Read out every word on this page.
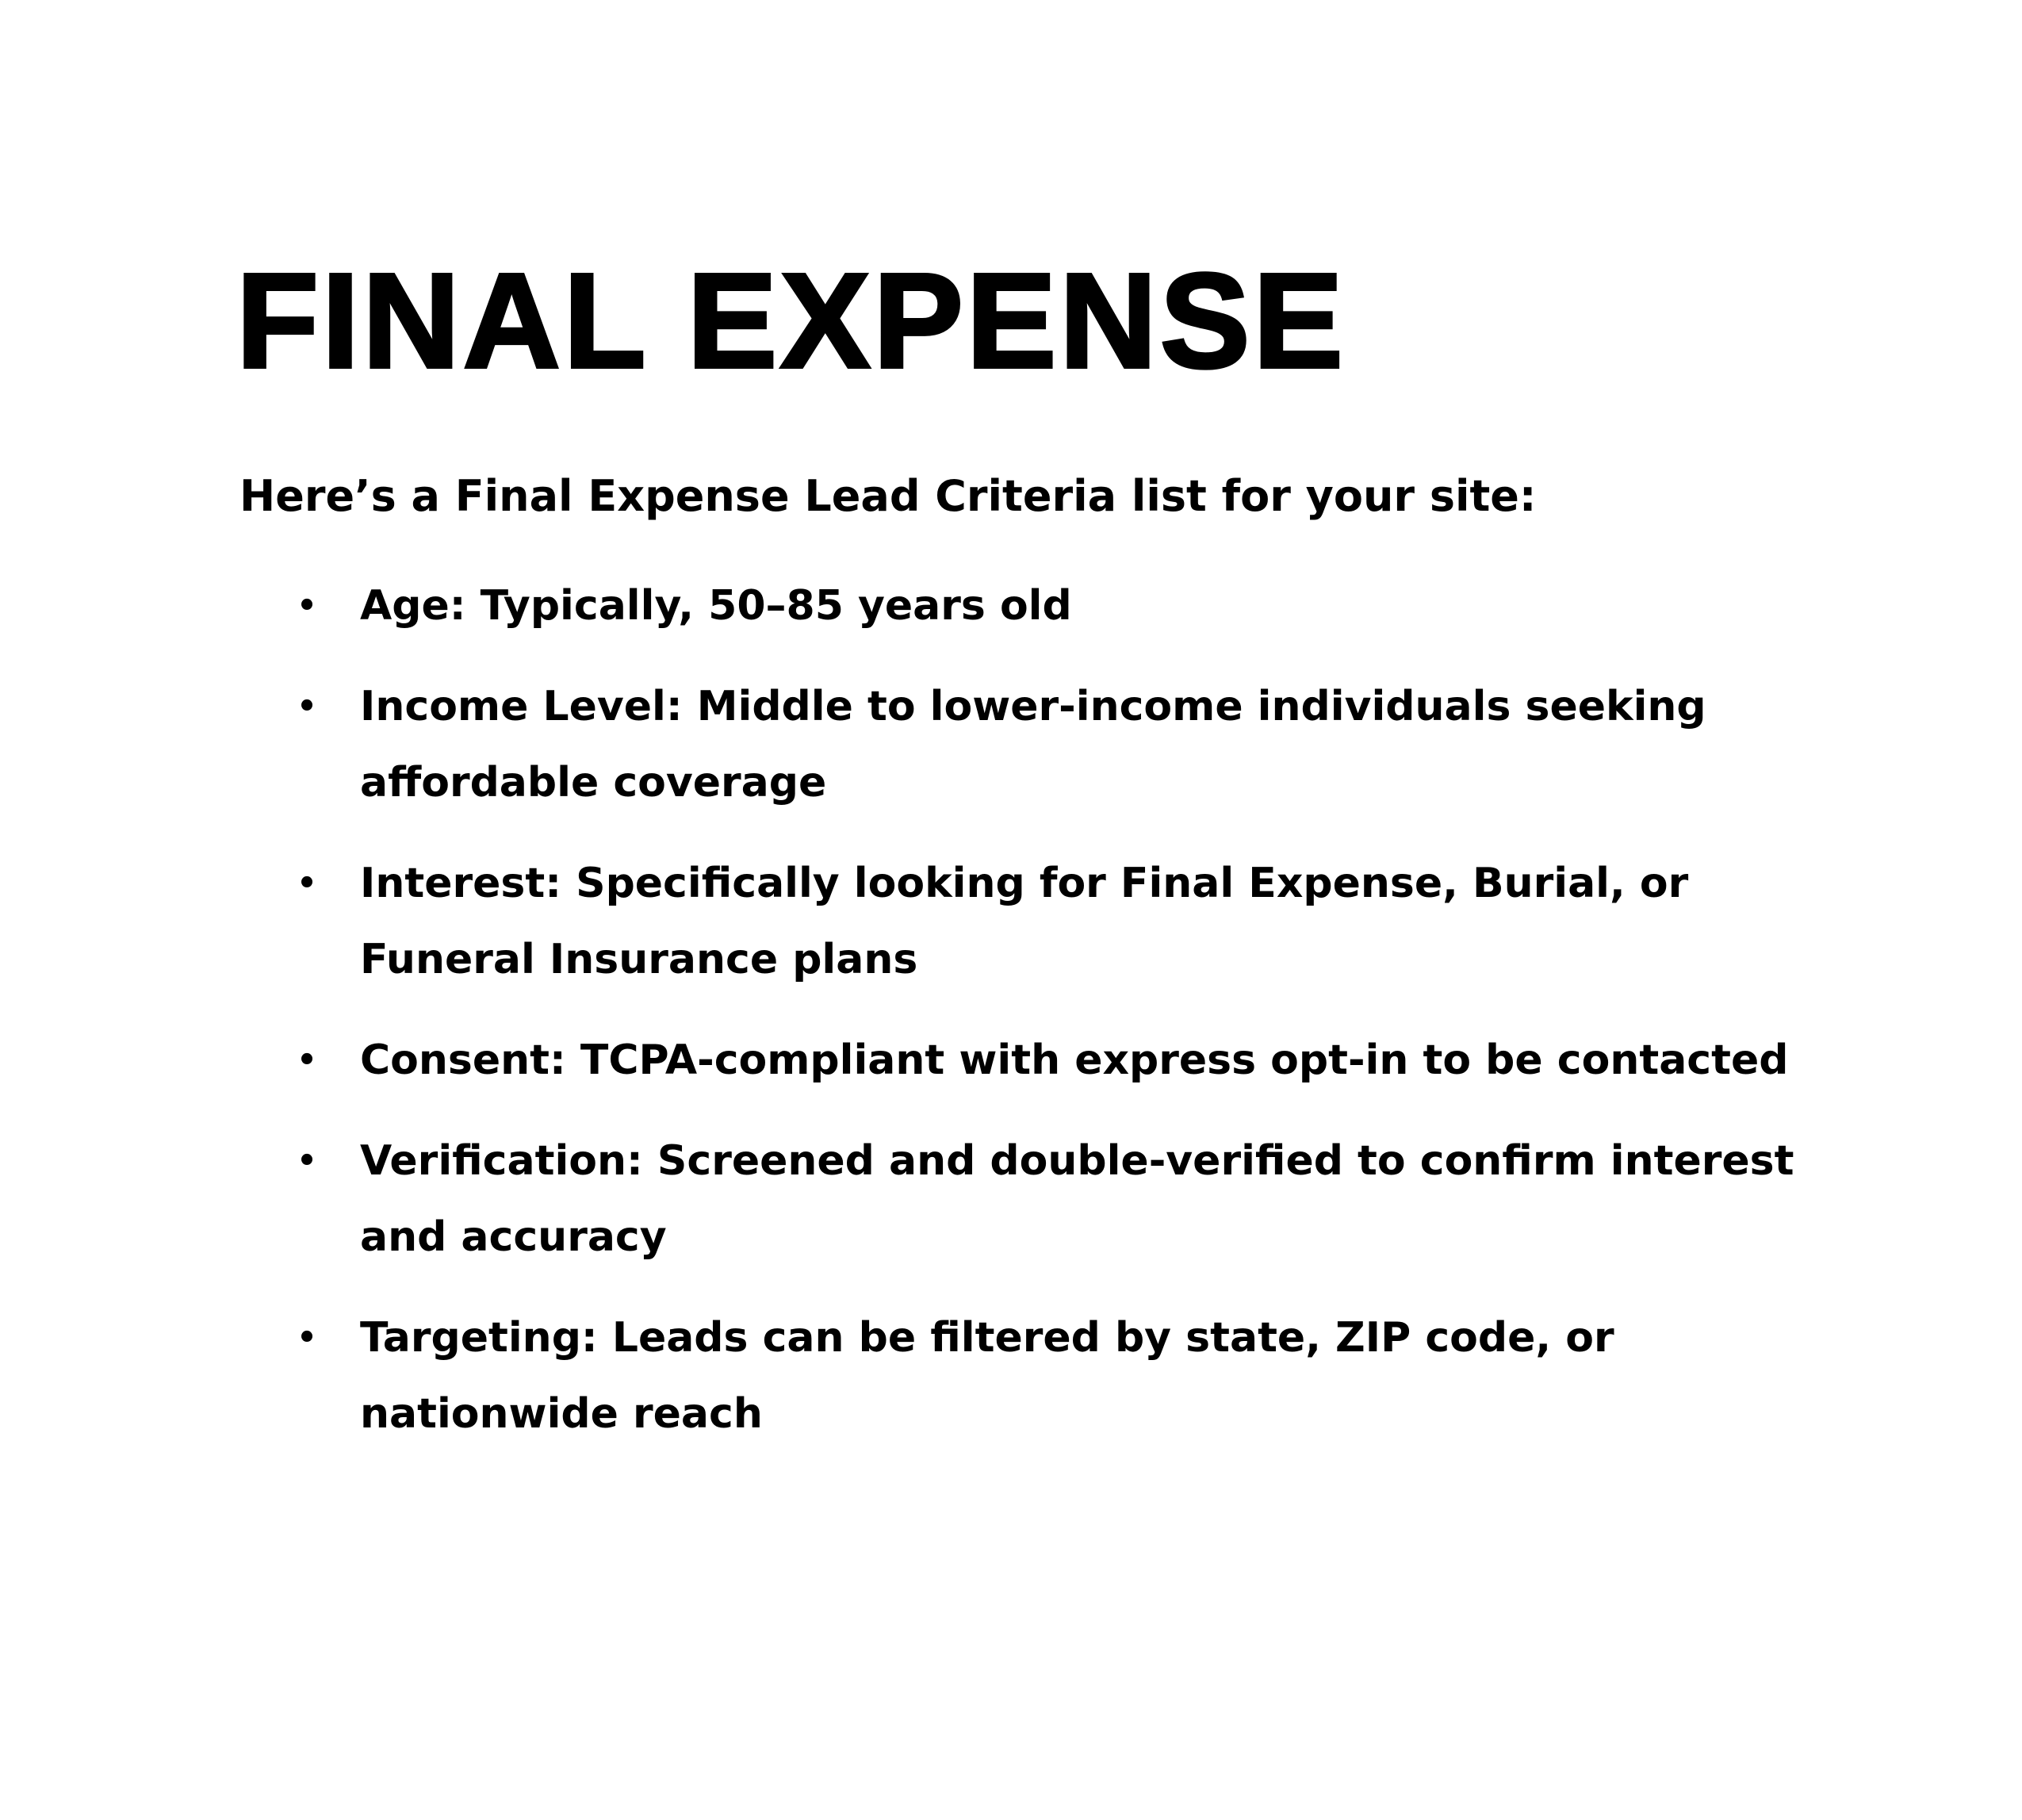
FINAL EXPENSE

Here’s a Final Expense Lead Criteria list for your site:

• Age: Typically, 50–85 years old
• Income Level: Middle to lower-income individuals seeking affordable coverage
• Interest: Specifically looking for Final Expense, Burial, or Funeral Insurance plans
• Consent: TCPA-compliant with express opt-in to be contacted
• Verification: Screened and double-verified to confirm interest and accuracy
• Targeting: Leads can be filtered by state, ZIP code, or nationwide reach
